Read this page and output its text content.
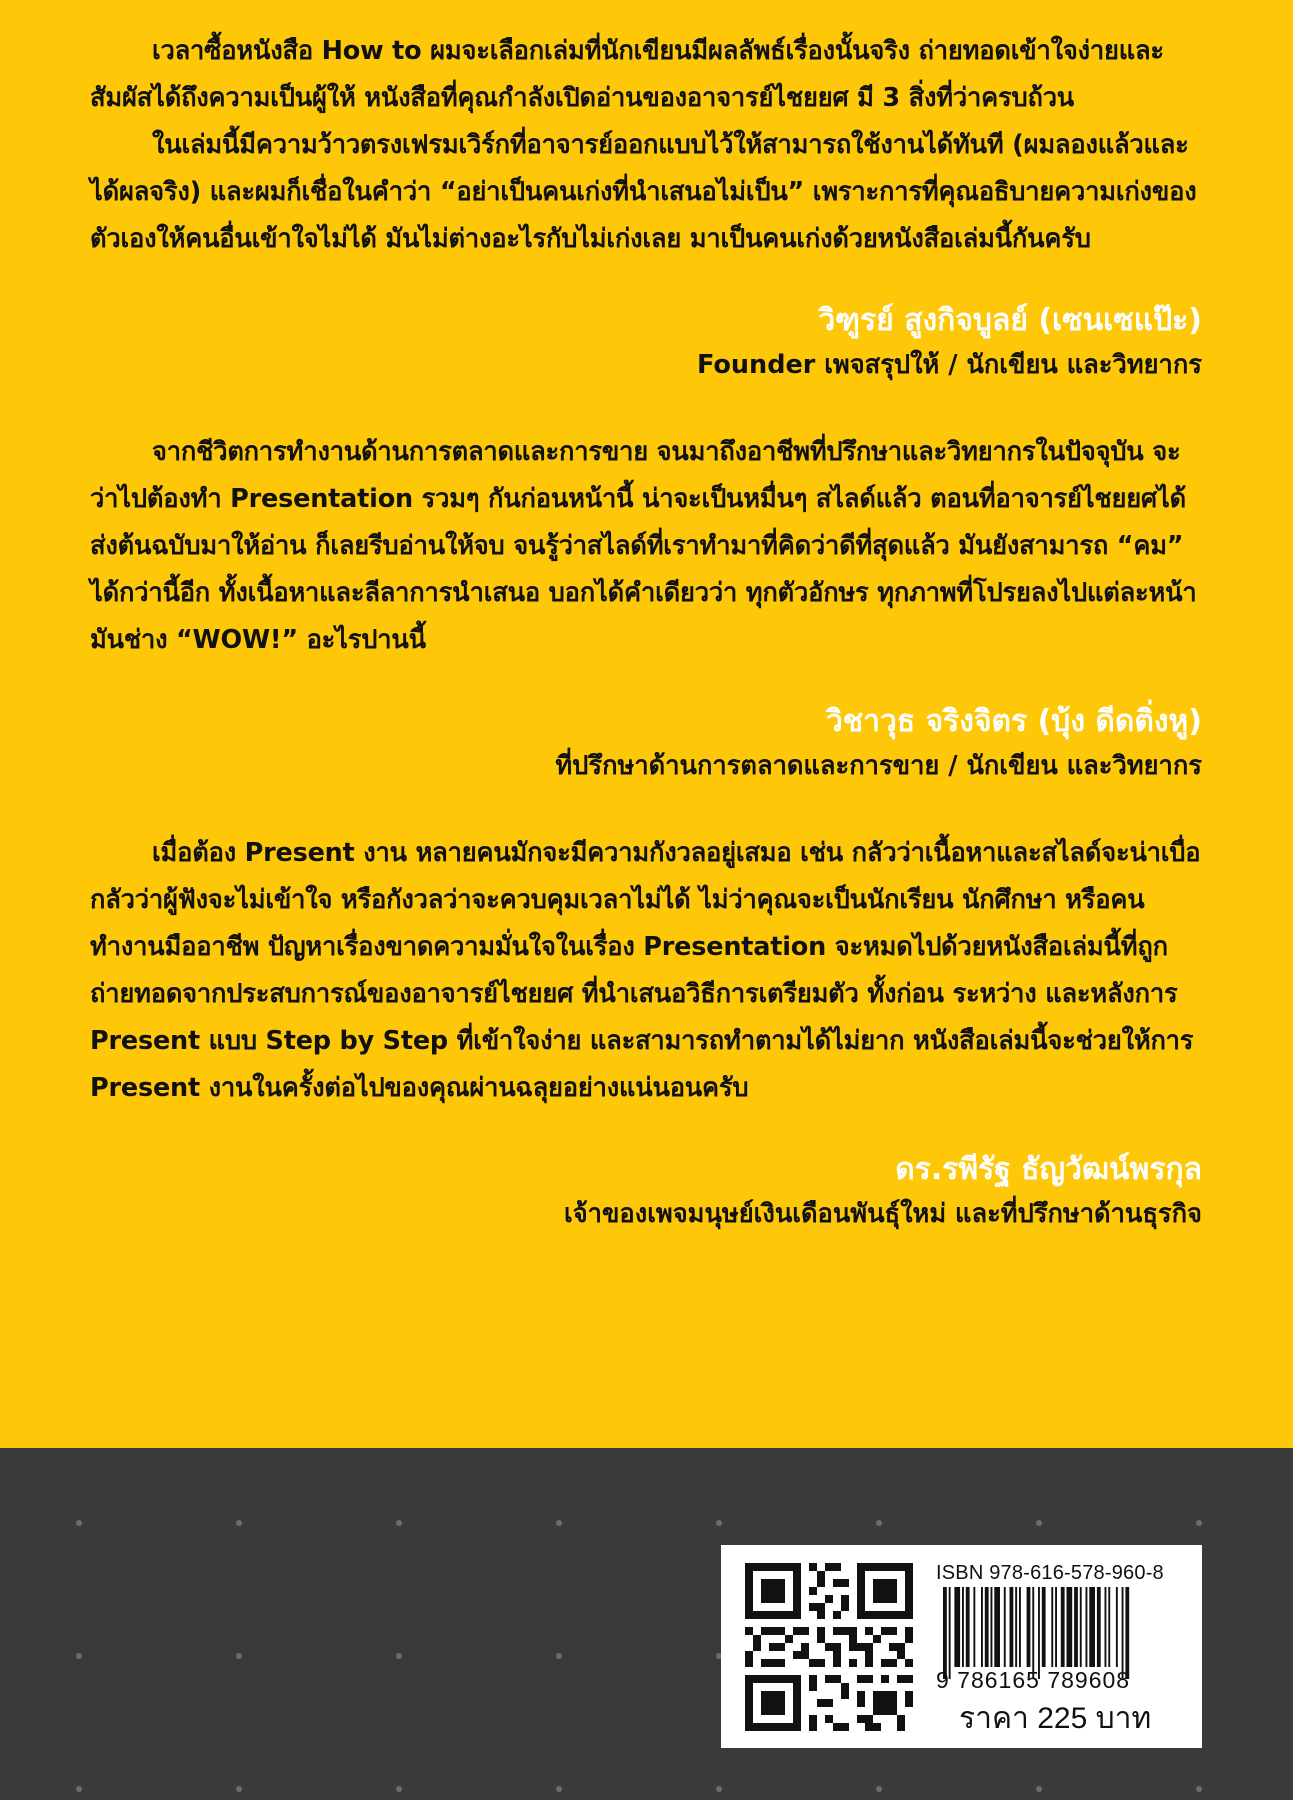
เวลาซื้อหนังสือ How to ผมจะเลือกเล่มที่นักเขียนมีผลลัพธ์เรื่องนั้นจริง ถ่ายทอดเข้าใจง่ายและสัมผัสได้ถึงความเป็นผู้ให้ หนังสือที่คุณกำลังเปิดอ่านของอาจารย์ไชยยศ มี 3 สิ่งที่ว่าครบถ้วน

ในเล่มนี้มีความว้าวตรงเฟรมเวิร์กที่อาจารย์ออกแบบไว้ให้สามารถใช้งานได้ทันที (ผมลองแล้วและได้ผลจริง) และผมก็เชื่อในคำว่า “อย่าเป็นคนเก่งที่นำเสนอไม่เป็น” เพราะการที่คุณอธิบายความเก่งของตัวเองให้คนอื่นเข้าใจไม่ได้ มันไม่ต่างอะไรกับไม่เก่งเลย มาเป็นคนเก่งด้วยหนังสือเล่มนี้กันครับ

วิฑูรย์ สูงกิจบูลย์ (เซนเซแป๊ะ)
Founder เพจสรุปให้ / นักเขียน และวิทยากร

จากชีวิตการทำงานด้านการตลาดและการขาย จนมาถึงอาชีพที่ปรึกษาและวิทยากรในปัจจุบัน จะว่าไปต้องทำ Presentation รวมๆ กันก่อนหน้านี้ น่าจะเป็นหมื่นๆ สไลด์แล้ว ตอนที่อาจารย์ไชยยศได้ส่งต้นฉบับมาให้อ่าน ก็เลยรีบอ่านให้จบ จนรู้ว่าสไลด์ที่เราทำมาที่คิดว่าดีที่สุดแล้ว มันยังสามารถ “คม” ได้กว่านี้อีก ทั้งเนื้อหาและลีลาการนำเสนอ บอกได้คำเดียวว่า ทุกตัวอักษร ทุกภาพที่โปรยลงไปแต่ละหน้ามันช่าง “WOW!” อะไรปานนี้

วิชาวุธ จริงจิตร (บุ้ง ดีดติ่งหู)
ที่ปรึกษาด้านการตลาดและการขาย / นักเขียน และวิทยากร

เมื่อต้อง Present งาน หลายคนมักจะมีความกังวลอยู่เสมอ เช่น กลัวว่าเนื้อหาและสไลด์จะน่าเบื่อ กลัวว่าผู้ฟังจะไม่เข้าใจ หรือกังวลว่าจะควบคุมเวลาไม่ได้ ไม่ว่าคุณจะเป็นนักเรียน นักศึกษา หรือคนทำงานมืออาชีพ ปัญหาเรื่องขาดความมั่นใจในเรื่อง Presentation จะหมดไปด้วยหนังสือเล่มนี้ที่ถูกถ่ายทอดจากประสบการณ์ของอาจารย์ไชยยศ ที่นำเสนอวิธีการเตรียมตัว ทั้งก่อน ระหว่าง และหลังการ Present แบบ Step by Step ที่เข้าใจง่าย และสามารถทำตามได้ไม่ยาก หนังสือเล่มนี้จะช่วยให้การ Present งานในครั้งต่อไปของคุณผ่านฉลุยอย่างแน่นอนครับ

ดร.รพีรัฐ ธัญวัฒน์พรกุล
เจ้าของเพจมนุษย์เงินเดือนพันธุ์ใหม่ และที่ปรึกษาด้านธุรกิจ
ISBN 978-616-578-960-8
9 786165 789608
ราคา 225 บาท
